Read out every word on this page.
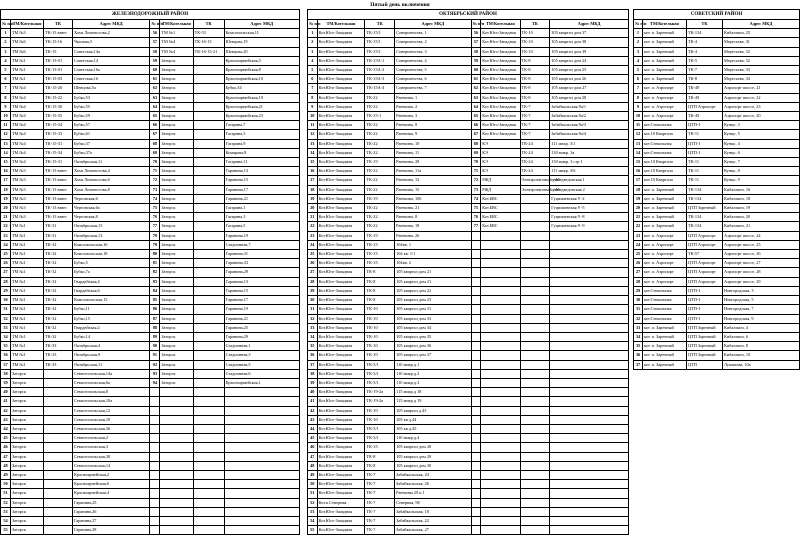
Пятый день включения
ЖЕЛЕЗНОДОРОЖНЫЙ РАЙОН							
№ п/п	ТМ/Котельная	ТК	Адрес МКД	№ п/п	ТМ/Котельная	ТК	Адрес МКД
1	ТМ №3	ТК-13 взвес	Хохи Ломоносова,2	56	ТМ №1	ТК-53	Комсомольская,11
2	ТМ №6	ТК-15-16	Чкалова,5	57	ТМ №4	ТК-16-15	Шевцова,19
3	ТМ №6	ТК-15	Советская,14а	58	ТМ №4	ТК-16-15-21	Шевцова,20
4	ТМ №1	ТК-13-01	Советская,14	59	Заторск		Красноармейская,5
5	ТМ №1	ТК-13-01	Советская,16а	60	Заторск		Красноармейская,8
6	ТМ №1	ТК-15-03	Советская,16	61	Заторск		Красноармейская,10
7	ТМ №4	ТК-15-20	Шевцова,5а	62	Заторск		Бубко,34
8	ТМ №4	ТК-15-22	Бубко,53	63	Заторск		Красноармейская,19
9	ТМ №4	ТК-15-30	Бубко,55	64	Заторск		Красноармейская,21
10	ТМ №4	ТК-15-35	Бубко,59	65	Заторск		Красноармейская,23
11	ТМ №4	ТК-15-34	Бубко,57	66	Заторск		Гагарина,7
12	ТМ №4	ТК-15-33	Бубко,61	67	Заторск		Гагарина,3
13	ТМ №4	ТК-15-31	Бубко,37	68	Заторск		Гагарина,9
14	ТМ №4	ТК-15-34	Бубко,37а	69	Заторск		Комарова,8
15	ТМ №4	ТК-15-31	Октябрьская,11	70	Заторск		Гагарина,11
16	ТМ №3	ТК-13 взвес	Хохи Ломоносова,4	71	Заторск		Гаранина,13
17	ТМ №3	ТК-13 взвес	Хохи Ломоносова,6	72	Заторск		Гаранина,15
18	ТМ №3	ТК-13 взвес	Хохи Ломоносова,8	73	Заторск		Гаранина,17
19	ТМ №3	ТК-13 взвес	Чертовская,6	74	Заторск		Гаранина,21
20	ТМ №3	ТК-13 взвес	Чертовская,6а	75	Заторск		Гагарина,1
21	ТМ №3	ТК-13 взвес	Чертовская,8	76	Заторск		Гагарина,3
22	ТМ №1	ТК-31	Октябрьская,15	77	Заторск		Гагарина,5
23	ТМ №1	ТК-31	Октябрьская,13	78	Заторск		Гаранина,19
24	ТМ №1	ТК-32	Комсомольская,16	79	Заторск		Стадионная,7
25	ТМ №1	ТК-32	Комсомольская,18	80	Заторск		Гаранина,31
26	ТМ №1	ТК-32	Бубко,5	81	Заторск		Гаранина,33
27	ТМ №1	ТК-32	Бубко,7а	82	Заторск		Гаранина,29
28	ТМ №1	ТК-32	Гвардейская,4	83	Заторск		Гаранина,13
29	ТМ №1	ТК-32	Гвардейская,6	84	Заторск		Гаранина,15
30	ТМ №1	ТК-32	Комсомольская,15	85	Заторск		Гаранина,17
31	ТМ №1	ТК-32	Бубко,11	86	Заторск		Гаранина,19
32	ТМ №1	ТК-32	Бубко,15	87	Заторск		Гаранина,21
33	ТМ №1	ТК-32	Гвардейская,2	88	Заторск		Гаранина,25
34	ТМ №1	ТК-32	Бубко,14	89	Заторск		Гаранина,29
35	ТМ №1	ТК-33	Октябрьская,4	90	Заторск		Стадионная,1
36	ТМ №1	ТК-33	Октябрьская,9	91	Заторск		Стадионная,3
37	ТМ №1	ТК-33	Октябрьская,11	92	Заторск		Стадионная,5
38	Заторск		Севастопольская,14а	93	Заторск		Стадионная,6
39	Заторск		Севастопольская,6а	94	Заторск		Красноармейская,1
40	Заторск		Севастопольская,8				
41	Заторск		Севастопольская,10а				
42	Заторск		Севастопольская,12				
43	Заторск		Севастопольская,18				
44	Заторск		Севастопольская,36				
45	Заторск		Севастопольская,2				
46	Заторск		Севастопольская,3				
47	Заторск		Севастопольская,38				
48	Заторск		Севастопольская,14				
49	Заторск		Красноармейская,2				
50	Заторск		Красноармейская,6				
51	Заторск		Красноармейская,4				
52	Заторск		Гаранина,25				
53	Заторск		Гаранина,26				
54	Заторск		Гаранина,27				
55	Заторск		Гаранина,28				
ОКТЯБРЬСКИЙ РАЙОН							
№ п/п	ТМ/Котельная	ТК	Адрес МКД	№ п/п	ТМ/Котельная	ТК	Адрес МКД
1	Кот.Юго-Западная	ТК-15/1	Совершенства, 1	56	Кот.Юго-Западная	ТК-10	105 квартал дом 37
2	Кот.Юго-Западная	ТК-15/1	Совершенства, 2	57	Кот.Юго-Западная	ТК-10	105 квартал дом 38
3	Кот.Юго-Западная	ТК-15/1	Совершенства, 3	58	Кот.Юго-Западная	ТК-10	105 квартал дом 39
4	Кот.Юго-Западная	ТК-15А-1	Совершенства, 4	59	Кот.Юго-Западная	ТК-8	105 квартал дом 24
5	Кот.Юго-Западная	ТК-15А-2	Совершенства, 5	60	Кот.Юго-Западная	ТК-8	105 квартал дом 25
6	Кот.Юго-Западная	ТК-15А-3	Совершенства, 6	61	Кот.Юго-Западная	ТК-8	105 квартал дом 26
7	Кот.Юго-Западная	ТК-15А-4	Совершенства, 7	62	Кот.Юго-Западная	ТК-8	105 квартал дом 27
8	Кот.Юго-Западная	ТК-22	Раевчина, 1	63	Кот.Юго-Западная	ТК-8	105 квартал дом 28
9	Кот.Юго-Западная	ТК-22	Раевчина, 2	64	Кот.Юго-Западная	ТК-7	Забайкальская 8а/1
10	Кот.Юго-Западная	ТК-15-1	Раевчина, 3	65	Кот.Юго-Западная	ТК-7	Забайкальская 8а/2
11	Кот.Юго-Западная	ТК-22	Раевчина, 8	66	Кот.Юго-Западная	ТК-7	Забайкальская 8а/3
12	Кот.Юго-Западная	ТК-22	Раевчина, 9	67	Кот.Юго-Западная	ТК-7	Забайкальская 8а/4
13	Кот.Юго-Западная	ТК-22	Раевчина, 10	68	КЭ	ТК-24	111 микр. 3/1
14	Кот.Юго-Западная	ТК-22	Раевчина, 11	69	КЭ	ТК-24	130 микр. 3а
15	Кот.Юго-Западная	ТК-19	Раевчина, 28	70	КЭ	ТК-24	130 микр. 3 стр 1
16	Кот.Юго-Западная	ТК-22	Раевчина, 11а	71	КЭ	ТК-24	111 микр. 3/6
17	Кот.Юго-Западная	ТК-22	Раевчина, 13	72	РЖД	Электротяговый узел	ст.Медведовская 1
18	Кот.Юго-Западная	ТК-22	Раевчина, 15	73	РЖД	Электротяговый узел	ст.Медведовская 2
19	Кот.Юго-Западная	ТК-19	Раевчина, 106	74	Кот.БВС		Гуцимаевская 9 -2
20	Кот.Юго-Западная	ТК-22	Раевчина, 21	75	Кот.БВС		Гуцимаевская 9 -5
21	Кот.Юго-Западная	ТК-22	Раевчина, 8	76	Кот.БВС		Гуцимаевская 9 -8
22	Кот.Юго-Западная	ТК-22	Раевчина, 18	77	Кот.БВС		Гуцимаевская 9 -9
23	Кот.Юго-Западная	ТК-19	Раевчина, 26				
24	Кот.Юго-Западная	ТК-15	104кв. 1				
25	Кот.Юго-Западная	ТК-15	104 кв. 1/1				
26	Кот.Юго-Западная	ТК-15	104кв. 2				
27	Кот.Юго-Западная	ТК-8	105 квартал дом 21				
28	Кот.Юго-Западная	ТК-8	105 квартал дом 21				
29	Кот.Юго-Западная	ТК-8	105 квартал дом 22				
30	Кот.Юго-Западная	ТК-8	105 квартал дом 23				
31	Кот.Юго-Западная	ТК-10	105 квартал дом 31				
32	Кот.Юго-Западная	ТК-10	105 квартал дом 33				
33	Кот.Юго-Западная	ТК-10	105 квартал дом 34				
34	Кот.Юго-Западная	ТК-10	105 квартал дом 35				
35	Кот.Юго-Западная	ТК-10	105 квартал дом 36				
36	Кот.Юго-Западная	ТК-10	105 квартал дом 37				
37	Кот.Юго-Западная	ТК-5/1	110 микр.д.1				
38	Кот.Юго-Западная	ТК-5/1	110 микр.д.2				
39	Кот.Юго-Западная	ТК-5/1	110 микр.д.3				
40	Кот.Юго-Западная	ТК-19-2а	115 микр.д 18				
41	Кот.Юго-Западная	ТК-19-2а	115 микр.д 19				
42	Кот.Юго-Западная	ТК-10	105 квартал д.43				
43	Кот.Юго-Западная	ТК-10	105 кв д.44				
44	Кот.Юго-Западная	ТК-5/1	105 кв д.45				
45	Кот.Юго-Западная	ТК-5/1	110 микр.д.4				
46	Кот.Юго-Западная	ТК-15	105 квартал дом 28				
47	Кот.Юго-Западная	ТК-8	105 квартал дом 29				
48	Кот.Юго-Западная	ТК-8	105 квартал дом 30				
49	Кот.Юго-Западная	ТК-7	Забайкальская, 24				
50	Кот.Юго-Западная	ТК-7	Забайкальская, 26				
51	Кот.Юго-Западная	ТК-7	Раевчина 29 к.1				
52	Кот.п.Северная	ТК-7	Северная, 98				
53	Кот.Юго-Западная	ТК-7	Забайкальская, 18				
54	Кот.Юго-Западная	ТК-7	Забайкальская, 22				
55	Кот.Юго-Западная	ТК-7	Забайкальская, 27				
СОВЕТСКИЙ РАЙОН			
№ п/п	ТМ/Котельная	ТК	Адрес МКД
1	кот. п. Заречный	ТК-134	Кибальчич, 25
2	кот. п. Заречный	ТК-4	Мересьева, 31
3	кот. п. Заречный	ТК-4	Мересьева, 32
4	кот. п. Заречный	ТК-5	Мересьева, 32
5	кот. п. Заречный	ТК-7	Мересьева, 33
6	кот. п. Заречный	ТК-8	Мересьева, 34
7	кот. п. Аэропорт	ТК-49	Аэропорт шоссе, 21
8	кот. п. Аэропорт	ТК-49	Аэропорт шоссе, 22
9	кот. п. Аэропорт	ЦТП Аэропорт	Аэропорт шоссе, 23
10	кот. п. Аэропорт	ТК-49	Аэропорт шоссе, 20
11	кот.Стекольная	ЦТП-1	Кунцо, 3
12	кот.10 Квартала	ТК-11	Кунцо, 5
13	кот.Стекольная	ЦТП-1	Кунцо, 4
14	кот.Стекольная	ЦТП-1	Кунцо, 6
15	кот.10 Квартала	ТК-11	Кунцо, 7
16	кот.10 Квартала	ТК-11	Кунцо, 8
17	кот.10 Квартала	ТК-11	Кунцо, 9
18	кот. п. Заречный	ТК-134	Кибальчич, 16
19	кот. п. Заречный	ТК-134	Кибальчич, 18
20	кот. п. Заречный	ЦТП Заречный	Кибальчич, 19
21	кот. п. Заречный	ТК-134	Кибальчич, 20
22	кот. п. Заречный	ТК-134	Кибальчич, 21
23	кот. п. Аэропорт	ЦТП Аэропорт	Аэропорт шоссе, 24
24	кот. п. Аэропорт	ЦТП Аэропорт	Аэропорт шоссе, 25
25	кот. п. Аэропорт	ТК-57	Аэропорт шоссе, 26
26	кот. п. Аэропорт	ЦТП Аэропорт	Аэропорт шоссе, 27
27	кот. п. Аэропорт	ЦТП Аэропорт	Аэропорт шоссе, 28
28	кот. п. Аэропорт	ЦТП Аэропорт	Аэропорт шоссе, 29
29	кот.Стекольная	ЦТП-1	Новгородская, 3
30	кот.Стекольная	ЦТП-1	Новгородская, 5
31	кот.Стекольная	ЦТП-1	Новгородская, 7
32	кот.Стекольная	ЦТП-1	Новгородская, 9
33	кот. п. Заречный	ЦТП Заречный	Кибальчич, 4
34	кот. п. Заречный	ЦТП Заречный	Кибальчич, 6
35	кот. п. Заречный	ЦТП Заречный	Кибальчич, 8
36	кот. п. Заречный	ЦТП Заречный	Кибальчич, 10
37	кот. п. Заречный	ЦТП	Лукашова, 10а
